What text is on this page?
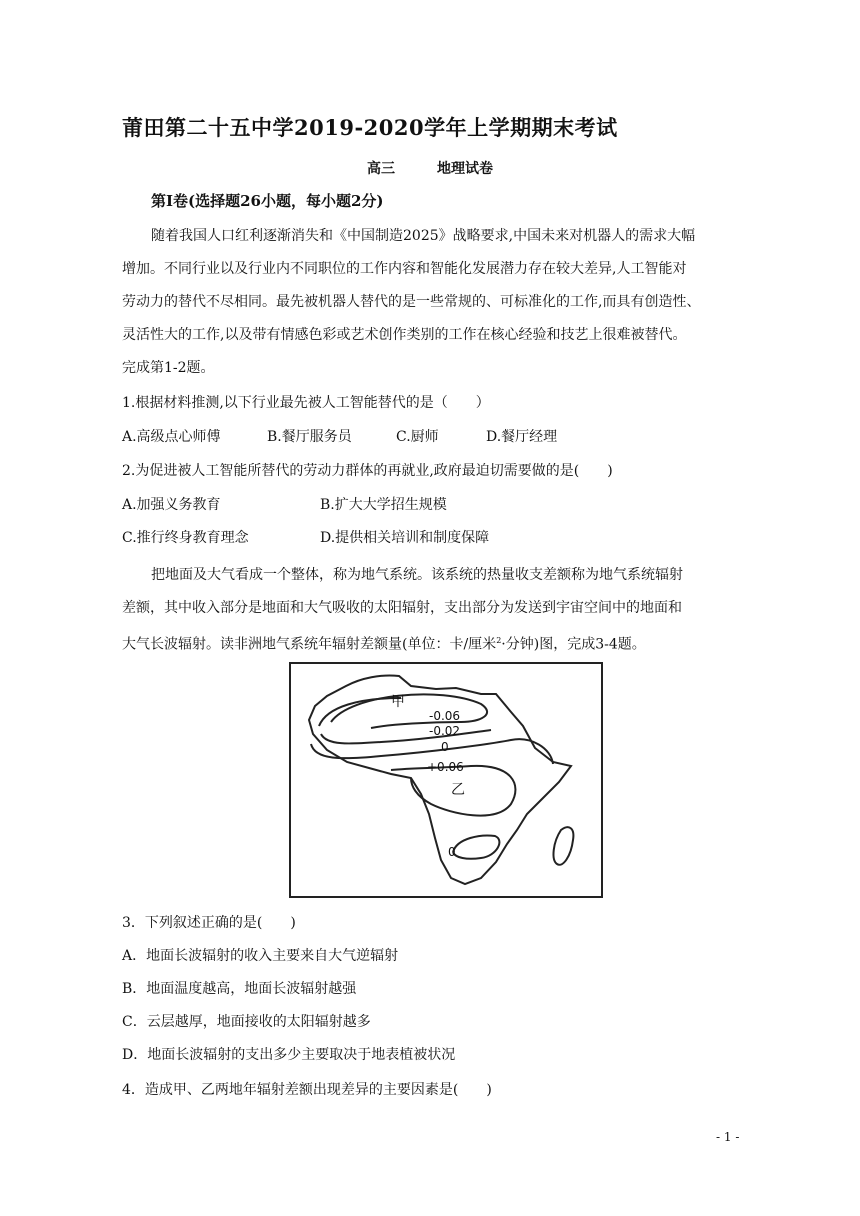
莆田第二十五中学2019-2020学年上学期期末考试
高三	地理试卷
第Ⅰ卷(选择题26小题，每小题2分)
随着我国人口红利逐渐消失和《中国制造2025》战略要求,中国未来对机器人的需求大幅
增加。不同行业以及行业内不同职位的工作内容和智能化发展潜力存在较大差异,人工智能对
劳动力的替代不尽相同。最先被机器人替代的是一些常规的、可标准化的工作,而具有创造性、
灵活性大的工作,以及带有情感色彩或艺术创作类别的工作在核心经验和技艺上很难被替代。
完成第1-2题。
1.根据材料推测,以下行业最先被人工智能替代的是（　　）
A.高级点心师傅	B.餐厅服务员	C.厨师	D.餐厅经理
2.为促进被人工智能所替代的劳动力群体的再就业,政府最迫切需要做的是(　　)
A.加强义务教育	B.扩大大学招生规模
C.推行终身教育理念	D.提供相关培训和制度保障
把地面及大气看成一个整体，称为地气系统。该系统的热量收支差额称为地气系统辐射
差额，其中收入部分是地面和大气吸收的太阳辐射，支出部分为发送到宇宙空间中的地面和
大气长波辐射。读非洲地气系统年辐射差额量(单位：卡/厘米$^2$·分钟)图，完成3-4题。
甲
-0.06
-0.02
0
+0.06
乙
0
3．下列叙述正确的是(　　)
A．地面长波辐射的收入主要来自大气逆辐射
B．地面温度越高，地面长波辐射越强
C．云层越厚，地面接收的太阳辐射越多
D．地面长波辐射的支出多少主要取决于地表植被状况
4．造成甲、乙两地年辐射差额出现差异的主要因素是(　　)
- 1 -
